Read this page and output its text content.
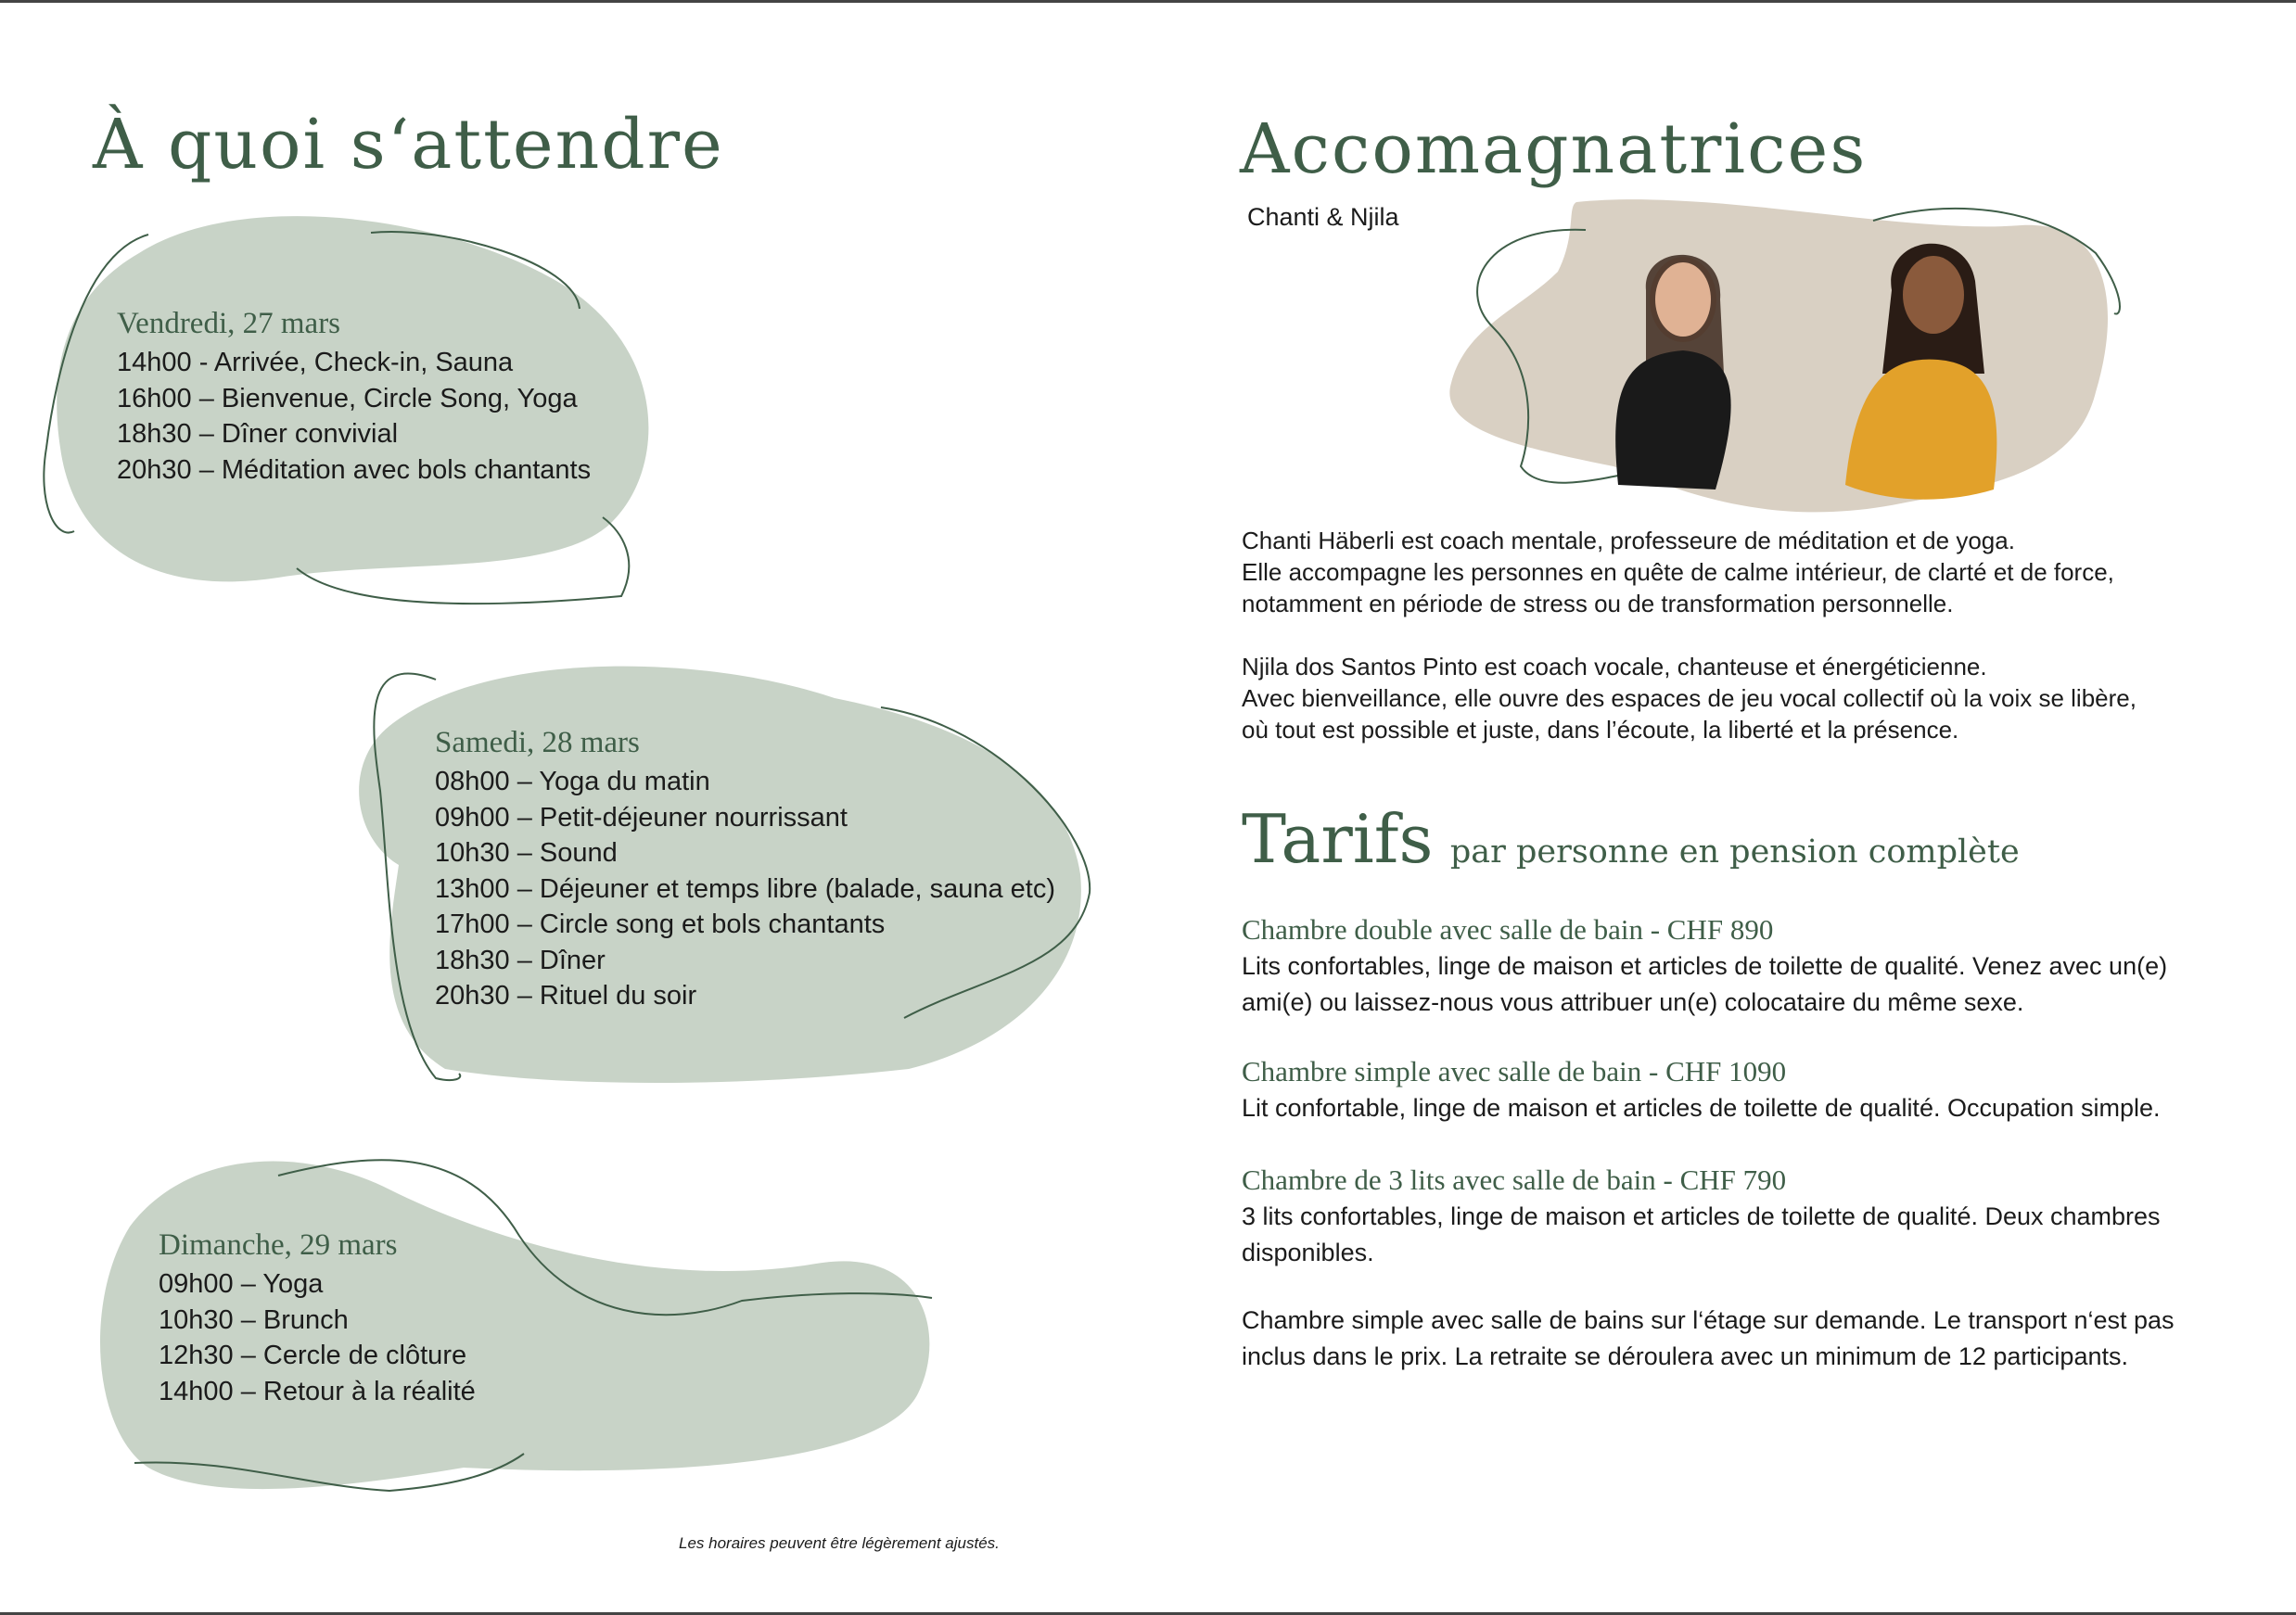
À quoi s‘attendre
Vendredi, 27 mars
14h00 - Arrivée, Check-in, Sauna
16h00 – Bienvenue, Circle Song, Yoga
18h30 – Dîner convivial
20h30 – Méditation avec bols chantants
Samedi, 28 mars
08h00 – Yoga du matin
09h00 – Petit-déjeuner nourrissant
10h30 – Sound
13h00 – Déjeuner et temps libre (balade, sauna etc)
17h00 – Circle song et bols chantants
18h30 – Dîner
20h30 – Rituel du soir
Dimanche, 29 mars
09h00 – Yoga
10h30 – Brunch
12h30 – Cercle de clôture
14h00 – Retour à la réalité
Les horaires peuvent être légèrement ajustés.
Accomagnatrices
Chanti & Njila
Chanti Häberli est coach mentale, professeure de méditation et de yoga.
Elle accompagne les personnes en quête de calme intérieur, de clarté et de force,
notamment en période de stress ou de transformation personnelle.
Njila dos Santos Pinto est coach vocale, chanteuse et énergéticienne.
Avec bienveillance, elle ouvre des espaces de jeu vocal collectif où la voix se libère,
où tout est possible et juste, dans l’écoute, la liberté et la présence.
Tarifs par personne en pension complète
Chambre double avec salle de bain - CHF 890
Lits confortables, linge de maison et articles de toilette de qualité. Venez avec un(e)
ami(e) ou laissez-nous vous attribuer un(e) colocataire du même sexe.
Chambre simple avec salle de bain - CHF 1090
Lit confortable, linge de maison et articles de toilette de qualité. Occupation simple.
Chambre de 3 lits avec salle de bain - CHF 790
3 lits confortables, linge de maison et articles de toilette de qualité. Deux chambres
disponibles.
Chambre simple avec salle de bains sur l‘étage sur demande. Le transport n‘est pas
inclus dans le prix. La retraite se déroulera avec un minimum de 12 participants.
